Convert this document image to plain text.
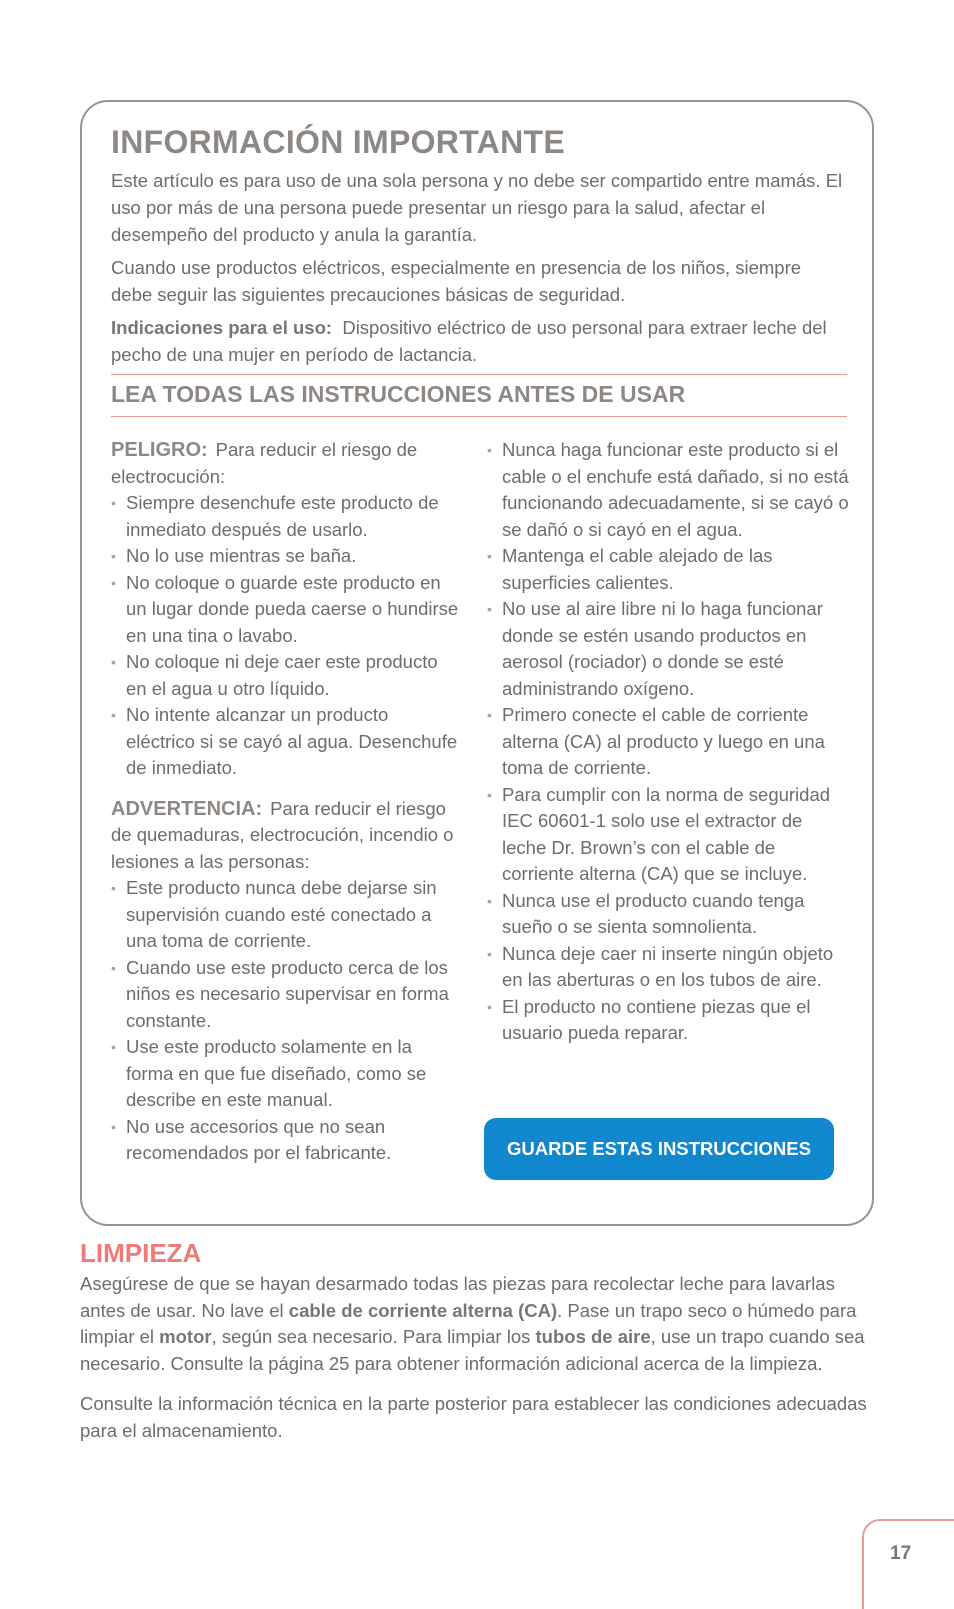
INFORMACIÓN IMPORTANTE

Este artículo es para uso de una sola persona y no debe ser compartido entre mamás. El uso por más de una persona puede presentar un riesgo para la salud, afectar el desempeño del producto y anula la garantía.

Cuando use productos eléctricos, especialmente en presencia de los niños, siempre debe seguir las siguientes precauciones básicas de seguridad.

Indicaciones para el uso: Dispositivo eléctrico de uso personal para extraer leche del pecho de una mujer en período de lactancia.

LEA TODAS LAS INSTRUCCIONES ANTES DE USAR

PELIGRO: Para reducir el riesgo de electrocución:

• Siempre desenchufe este producto de inmediato después de usarlo.
• No lo use mientras se baña.
• No coloque o guarde este producto en un lugar donde pueda caerse o hundirse en una tina o lavabo.
• No coloque ni deje caer este producto en el agua u otro líquido.
• No intente alcanzar un producto eléctrico si se cayó al agua. Desenchufe de inmediato.

ADVERTENCIA: Para reducir el riesgo de quemaduras, electrocución, incendio o lesiones a las personas:

• Este producto nunca debe dejarse sin supervisión cuando esté conectado a una toma de corriente.
• Cuando use este producto cerca de los niños es necesario supervisar en forma constante.
• Use este producto solamente en la forma en que fue diseñado, como se describe en este manual.
• No use accesorios que no sean recomendados por el fabricante.
• Nunca haga funcionar este producto si el cable o el enchufe está dañado, si no está funcionando adecuadamente, si se cayó o se dañó o si cayó en el agua.
• Mantenga el cable alejado de las superficies calientes.
• No use al aire libre ni lo haga funcionar donde se estén usando productos en aerosol (rociador) o donde se esté administrando oxígeno.
• Primero conecte el cable de corriente alterna (CA) al producto y luego en una toma de corriente.
• Para cumplir con la norma de seguridad IEC 60601-1 solo use el extractor de leche Dr. Brown’s con el cable de corriente alterna (CA) que se incluye.
• Nunca use el producto cuando tenga sueño o se sienta somnolienta.
• Nunca deje caer ni inserte ningún objeto en las aberturas o en los tubos de aire.
• El producto no contiene piezas que el usuario pueda reparar.
GUARDE ESTAS INSTRUCCIONES
LIMPIEZA

Asegúrese de que se hayan desarmado todas las piezas para recolectar leche para lavarlas antes de usar. No lave el cable de corriente alterna (CA). Pase un trapo seco o húmedo para limpiar el motor, según sea necesario. Para limpiar los tubos de aire, use un trapo cuando sea necesario. Consulte la página 25 para obtener información adicional acerca de la limpieza.

Consulte la información técnica en la parte posterior para establecer las condiciones adecuadas para el almacenamiento.

17
